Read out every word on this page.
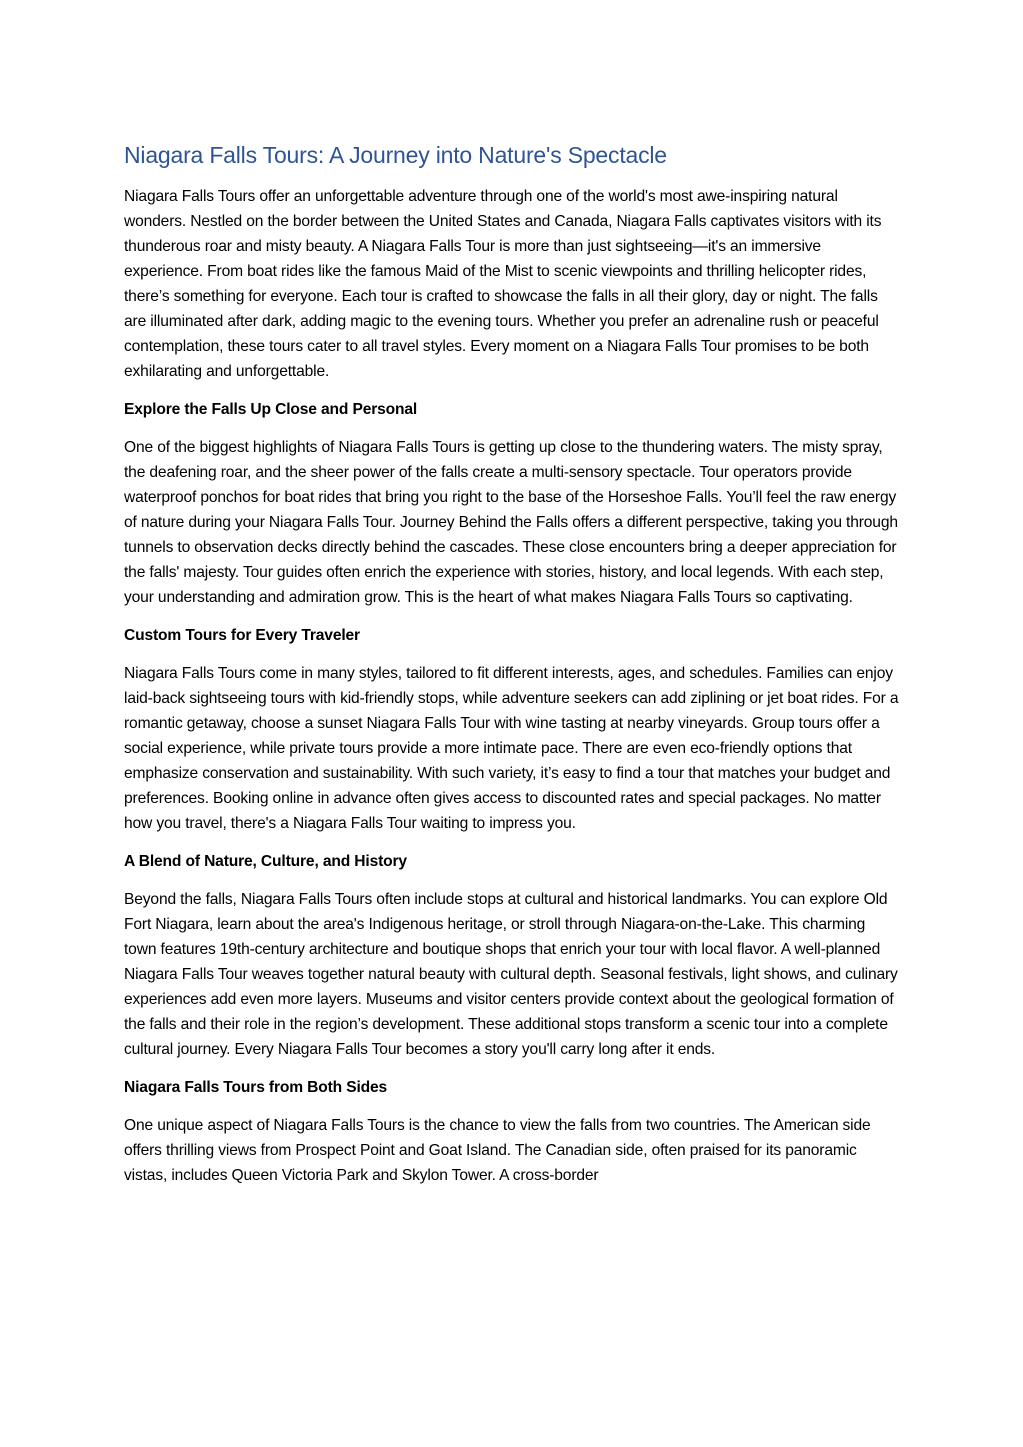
Niagara Falls Tours: A Journey into Nature's Spectacle

Niagara Falls Tours offer an unforgettable adventure through one of the world's most awe-inspiring natural wonders. Nestled on the border between the United States and Canada, Niagara Falls captivates visitors with its thunderous roar and misty beauty. A Niagara Falls Tour is more than just sightseeing—it's an immersive experience. From boat rides like the famous Maid of the Mist to scenic viewpoints and thrilling helicopter rides, there’s something for everyone. Each tour is crafted to showcase the falls in all their glory, day or night. The falls are illuminated after dark, adding magic to the evening tours. Whether you prefer an adrenaline rush or peaceful contemplation, these tours cater to all travel styles. Every moment on a Niagara Falls Tour promises to be both exhilarating and unforgettable.

Explore the Falls Up Close and Personal

One of the biggest highlights of Niagara Falls Tours is getting up close to the thundering waters. The misty spray, the deafening roar, and the sheer power of the falls create a multi-sensory spectacle. Tour operators provide waterproof ponchos for boat rides that bring you right to the base of the Horseshoe Falls. You’ll feel the raw energy of nature during your Niagara Falls Tour. Journey Behind the Falls offers a different perspective, taking you through tunnels to observation decks directly behind the cascades. These close encounters bring a deeper appreciation for the falls' majesty. Tour guides often enrich the experience with stories, history, and local legends. With each step, your understanding and admiration grow. This is the heart of what makes Niagara Falls Tours so captivating.

Custom Tours for Every Traveler

Niagara Falls Tours come in many styles, tailored to fit different interests, ages, and schedules. Families can enjoy laid-back sightseeing tours with kid-friendly stops, while adventure seekers can add ziplining or jet boat rides. For a romantic getaway, choose a sunset Niagara Falls Tour with wine tasting at nearby vineyards. Group tours offer a social experience, while private tours provide a more intimate pace. There are even eco-friendly options that emphasize conservation and sustainability. With such variety, it’s easy to find a tour that matches your budget and preferences. Booking online in advance often gives access to discounted rates and special packages. No matter how you travel, there's a Niagara Falls Tour waiting to impress you.

A Blend of Nature, Culture, and History

Beyond the falls, Niagara Falls Tours often include stops at cultural and historical landmarks. You can explore Old Fort Niagara, learn about the area's Indigenous heritage, or stroll through Niagara-on-the-Lake. This charming town features 19th-century architecture and boutique shops that enrich your tour with local flavor. A well-planned Niagara Falls Tour weaves together natural beauty with cultural depth. Seasonal festivals, light shows, and culinary experiences add even more layers. Museums and visitor centers provide context about the geological formation of the falls and their role in the region’s development. These additional stops transform a scenic tour into a complete cultural journey. Every Niagara Falls Tour becomes a story you'll carry long after it ends.

Niagara Falls Tours from Both Sides

One unique aspect of Niagara Falls Tours is the chance to view the falls from two countries. The American side offers thrilling views from Prospect Point and Goat Island. The Canadian side, often praised for its panoramic vistas, includes Queen Victoria Park and Skylon Tower. A cross-border
